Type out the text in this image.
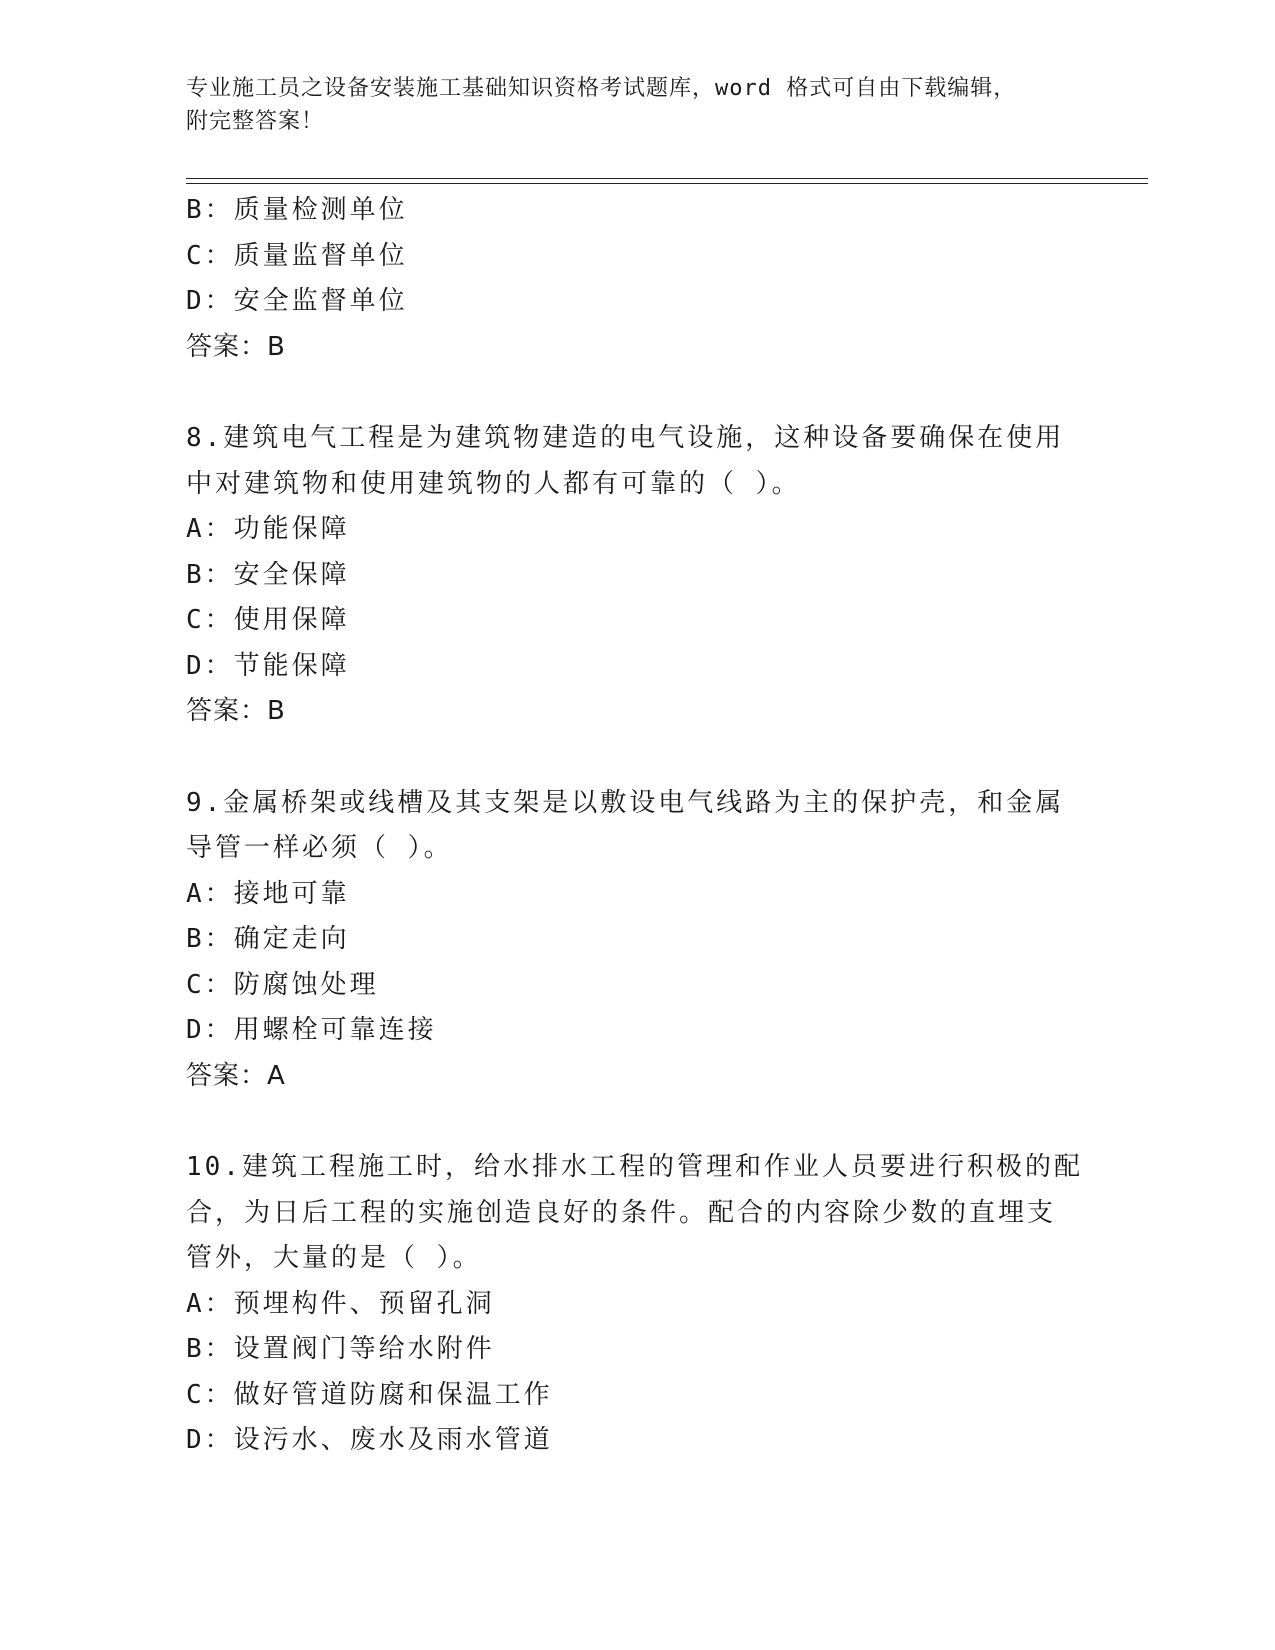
专业施工员之设备安装施工基础知识资格考试题库，word 格式可自由下载编辑，
附完整答案！
B：质量检测单位
C：质量监督单位
D：安全监督单位
答案：B
8.建筑电气工程是为建筑物建造的电气设施，这种设备要确保在使用
中对建筑物和使用建筑物的人都有可靠的（ ）。
A：功能保障
B：安全保障
C：使用保障
D：节能保障
答案：B
9.金属桥架或线槽及其支架是以敷设电气线路为主的保护壳，和金属
导管一样必须（ ）。
A：接地可靠
B：确定走向
C：防腐蚀处理
D：用螺栓可靠连接
答案：A
10.建筑工程施工时，给水排水工程的管理和作业人员要进行积极的配
合，为日后工程的实施创造良好的条件。配合的内容除少数的直埋支
管外，大量的是（ ）。
A：预埋构件、预留孔洞
B：设置阀门等给水附件
C：做好管道防腐和保温工作
D：设污水、废水及雨水管道
